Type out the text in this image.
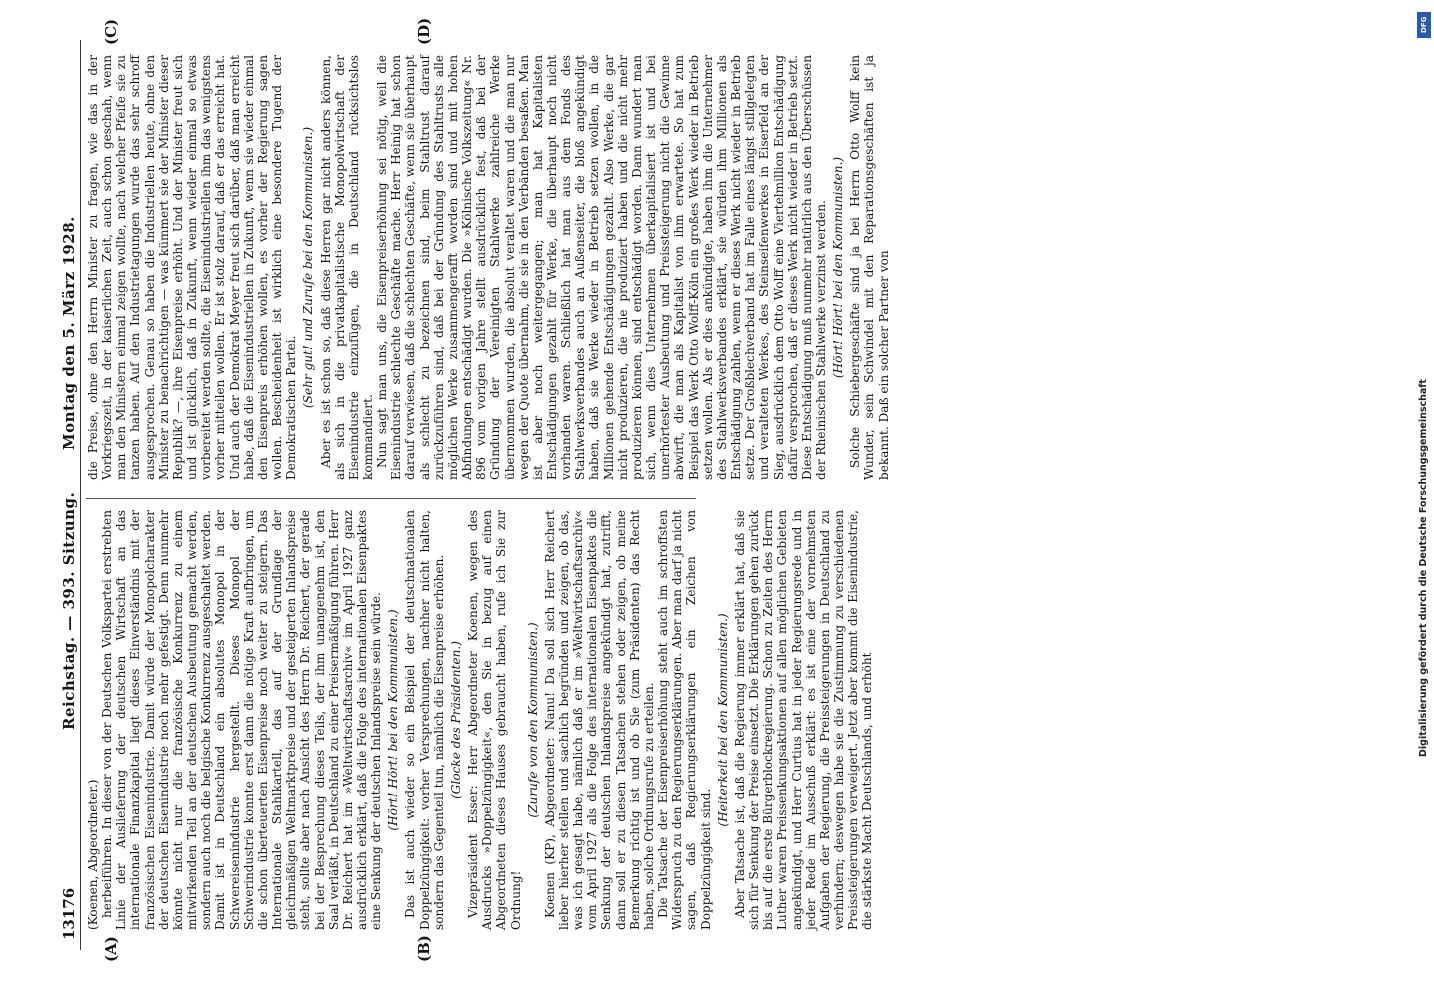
13176
Reichstag. — 393. Sitzung.
Montag den 5. März 1928.
(A)	(B)
(C)	(D)

(Koenen, Abgeordneter.) herbeiführen. In dieser von der Deutschen Volkspartei erstrebten Linie der Auslieferung der deutschen Wirtschaft an das internationale Finanzkapital liegt dieses Einverständnis mit der französischen Eisenindustrie. Damit würde der Monopolcharakter der deutschen Eisenindustrie noch mehr gefestigt. Denn nunmehr könnte nicht nur die französische Konkurrenz zu einem mitwirkenden Teil an der deutschen Ausbeutung gemacht werden, sondern auch noch die belgische Konkurrenz ausgeschaltet werden. Damit ist in Deutschland ein absolutes Monopol in der Schwereisenindustrie hergestellt. Dieses Monopol der Schwerindustrie konnte erst dann die nötige Kraft aufbringen, um die schon überteuerten Eisenpreise noch weiter zu steigern. Das Internationale Stahlkartell, das auf der Grundlage der gleichmäßigen Weltmarktpreise und der gesteigerten Inlandspreise steht, sollte aber nach Ansicht des Herrn Dr. Reichert, der gerade bei der Besprechung dieses Teils, der ihm unangenehm ist, den Saal verläßt, in Deutschland zu einer Preisermäßigung führen. Herr Dr. Reichert hat im »Weltwirtschaftsarchiv« im April 1927 ganz ausdrücklich erklärt, daß die Folge des internationalen Eisenpaktes eine Senkung der deutschen Inlandspreise sein würde. (Hört! Hört! bei den Kommunisten.) Das ist auch wieder so ein Beispiel der deutschnationalen Doppelzüngigkeit: vorher Versprechungen, nachher nicht halten, sondern das Gegenteil tun, nämlich die Eisenpreise erhöhen. (Glocke des Präsidenten.) Vizepräsident Esser: Herr Abgeordneter Koenen, wegen des Ausdrucks »Doppelzüngigkeit«, den Sie in bezug auf einen Abgeordneten dieses Hauses gebraucht haben, rufe ich Sie zur Ordnung!

(Zurufe von den Kommunisten.) Koenen (KP), Abgeordneter: Nanu! Da soll sich Herr Reichert lieber hierher stellen und sachlich begründen und zeigen, ob das, was ich gesagt habe, nämlich daß er im »Weltwirtschaftsarchiv« vom April 1927 als die Folge des internationalen Eisenpaktes die Senkung der deutschen Inlandspreise angekündigt hat, zutrifft, dann soll er zu diesen Tatsachen stehen oder zeigen, ob meine Bemerkung richtig ist und ob Sie (zum Präsidenten) das Recht haben, solche Ordnungsrufe zu erteilen. Die Tatsache der Eisenpreiserhöhung steht auch im schroffsten Widerspruch zu den Regierungserklärungen. Aber man darf ja nicht sagen, daß Regierungserklärungen ein Zeichen von Doppelzüngigkeit sind.

(Heiterkeit bei den Kommunisten.) Aber Tatsache ist, daß die Regierung immer erklärt hat, daß sie sich für Senkung der Preise einsetzt. Die Erklärungen gehen zurück bis auf die erste Bürgerblockregierung. Schon zu Zeiten des Herrn Luther waren Preissenkungsaktionen auf allen möglichen Gebieten angekündigt, und Herr Curtius hat in jeder Regierungsrede und in jeder Rede im Ausschuß erklärt: es ist eine der vornehmsten Aufgaben der Regierung, die Preissteigerungen in Deutschland zu verhindern; deswegen habe sie die Zustimmung zu verschiedenen Preissteigerungen verweigert. Jetzt aber kommt die Eisenindustrie, die stärkste Macht Deutschlands, und erhöht

die Preise, ohne den Herrn Minister zu fragen, wie das in der Vorkriegszeit, in der kaiserlichen Zeit, auch schon geschah, wenn man den Ministern einmal zeigen wollte, nach welcher Pfeife sie zu tanzen haben. Auf den Industrietagungen wurde das sehr schroff ausgesprochen. Genau so haben die Industriellen heute, ohne den Minister zu benachrichtigen — was kümmert sie der Minister dieser Republik? —, ihre Eisenpreise erhöht. Und der Minister freut sich und ist glücklich, daß in Zukunft, wenn wieder einmal so etwas vorbereitet werden sollte, die Eisenindustriellen ihm das wenigstens vorher mitteilen wollen. Er ist stolz darauf, daß er das erreicht hat. Und auch der Demokrat Meyer freut sich darüber, daß man erreicht habe, daß die Eisenindustriellen in Zukunft, wenn sie wieder einmal den Eisenpreis erhöhen wollen, es vorher der Regierung sagen wollen. Bescheidenheit ist wirklich eine besondere Tugend der Demokratischen Partei. (Sehr gut! und Zurufe bei den Kommunisten.) Aber es ist schon so, daß diese Herren gar nicht anders können, als sich in die privatkapitalistische Monopolwirtschaft der Eisenindustrie einzufügen, die in Deutschland rücksichtslos kommandiert. Nun sagt man uns, die Eisenpreiserhöhung sei nötig, weil die Eisenindustrie schlechte Geschäfte mache. Herr Heinig hat schon darauf verwiesen, daß die schlechten Geschäfte, wenn sie überhaupt als schlecht zu bezeichnen sind, beim Stahltrust darauf zurückzuführen sind, daß bei der Gründung des Stahltrusts alle möglichen Werke zusammengerafft worden sind und mit hohen Abfindungen entschädigt wurden. Die »Kölnische Volkszeitung« Nr. 896 vom vorigen Jahre stellt ausdrücklich fest, daß bei der Gründung der Vereinigten Stahlwerke zahlreiche Werke übernommen wurden, die absolut veraltet waren und die man nur wegen der Quote übernahm, die sie in den Verbänden besaßen. Man ist aber noch weitergegangen; man hat Kapitalisten Entschädigungen gezahlt für Werke, die überhaupt noch nicht vorhanden waren. Schließlich hat man aus dem Fonds des Stahlwerksverbandes auch an Außenseiter, die bloß angekündigt haben, daß sie Werke wieder in Betrieb setzen wollen, in die Millionen gehende Entschädigungen gezahlt. Also Werke, die gar nicht produzieren, die nie produziert haben und die nicht mehr produzieren können, sind entschädigt worden. Dann wundert man sich, wenn dies Unternehmen überkapitalisiert ist und bei unerhörtester Ausbeutung und Preissteigerung nicht die Gewinne abwirft, die man als Kapitalist von ihm erwartete. So hat zum Beispiel das Werk Otto Wolff-Köln ein großes Werk wieder in Betrieb setzen wollen. Als er dies ankündigte, haben ihm die Unternehmer des Stahlwerksverbandes erklärt, sie würden ihm Millionen als Entschädigung zahlen, wenn er dieses Werk nicht wieder in Betrieb setze. Der Großblechverband hat im Falle eines längst stillgelegten und veralteten Werkes, des Steinseifenwerkes in Eiserfeld an der Sieg, ausdrücklich dem Otto Wolff eine Viertelmillion Entschädigung dafür versprochen, daß er dieses Werk nicht wieder in Betrieb setzt. Diese Entschädigung muß nunmehr natürlich aus den Überschüssen der Rheinischen Stahlwerke verzinst werden. (Hört! Hört! bei den Kommunisten.) Solche Schiebergeschäfte sind ja bei Herrn Otto Wolff kein Wunder, sein Schwindel mit den Reparationsgeschäften ist ja bekannt. Daß ein solcher Partner von

DFG
Digitalisierung gefördert durch die Deutsche Forschungsgemeinschaft
